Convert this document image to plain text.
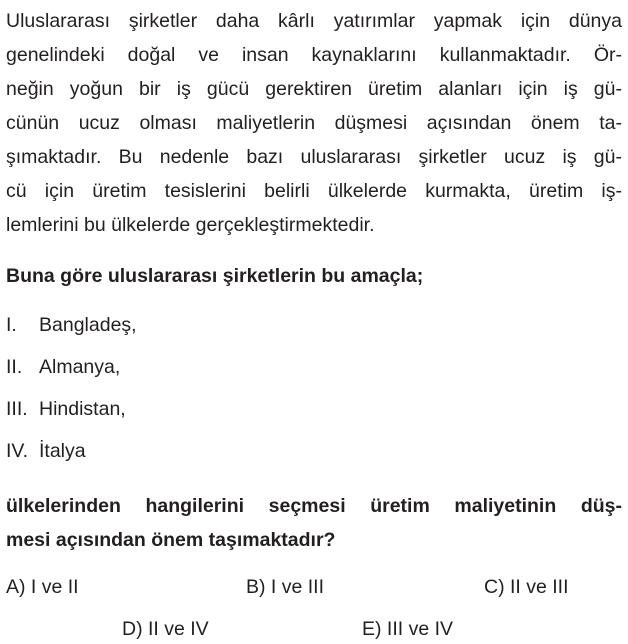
Uluslararası şirketler daha kârlı yatırımlar yapmak için dünya
genelindeki doğal ve insan kaynaklarını kullanmaktadır. Ör-
neğin yoğun bir iş gücü gerektiren üretim alanları için iş gü-
cünün ucuz olması maliyetlerin düşmesi açısından önem ta-
şımaktadır. Bu nedenle bazı uluslararası şirketler ucuz iş gü-
cü için üretim tesislerini belirli ülkelerde kurmakta, üretim iş-
lemlerini bu ülkelerde gerçekleştirmektedir.

Buna göre uluslararası şirketlerin bu amaçla;

I. Bangladeş,
II. Almanya,
III. Hindistan,
IV. İtalya
ülkelerinden hangilerini seçmesi üretim maliyetinin düş-
mesi açısından önem taşımaktadır?
A) I ve II	B) I ve III	C) II ve III
D) II ve IV	E) III ve IV
